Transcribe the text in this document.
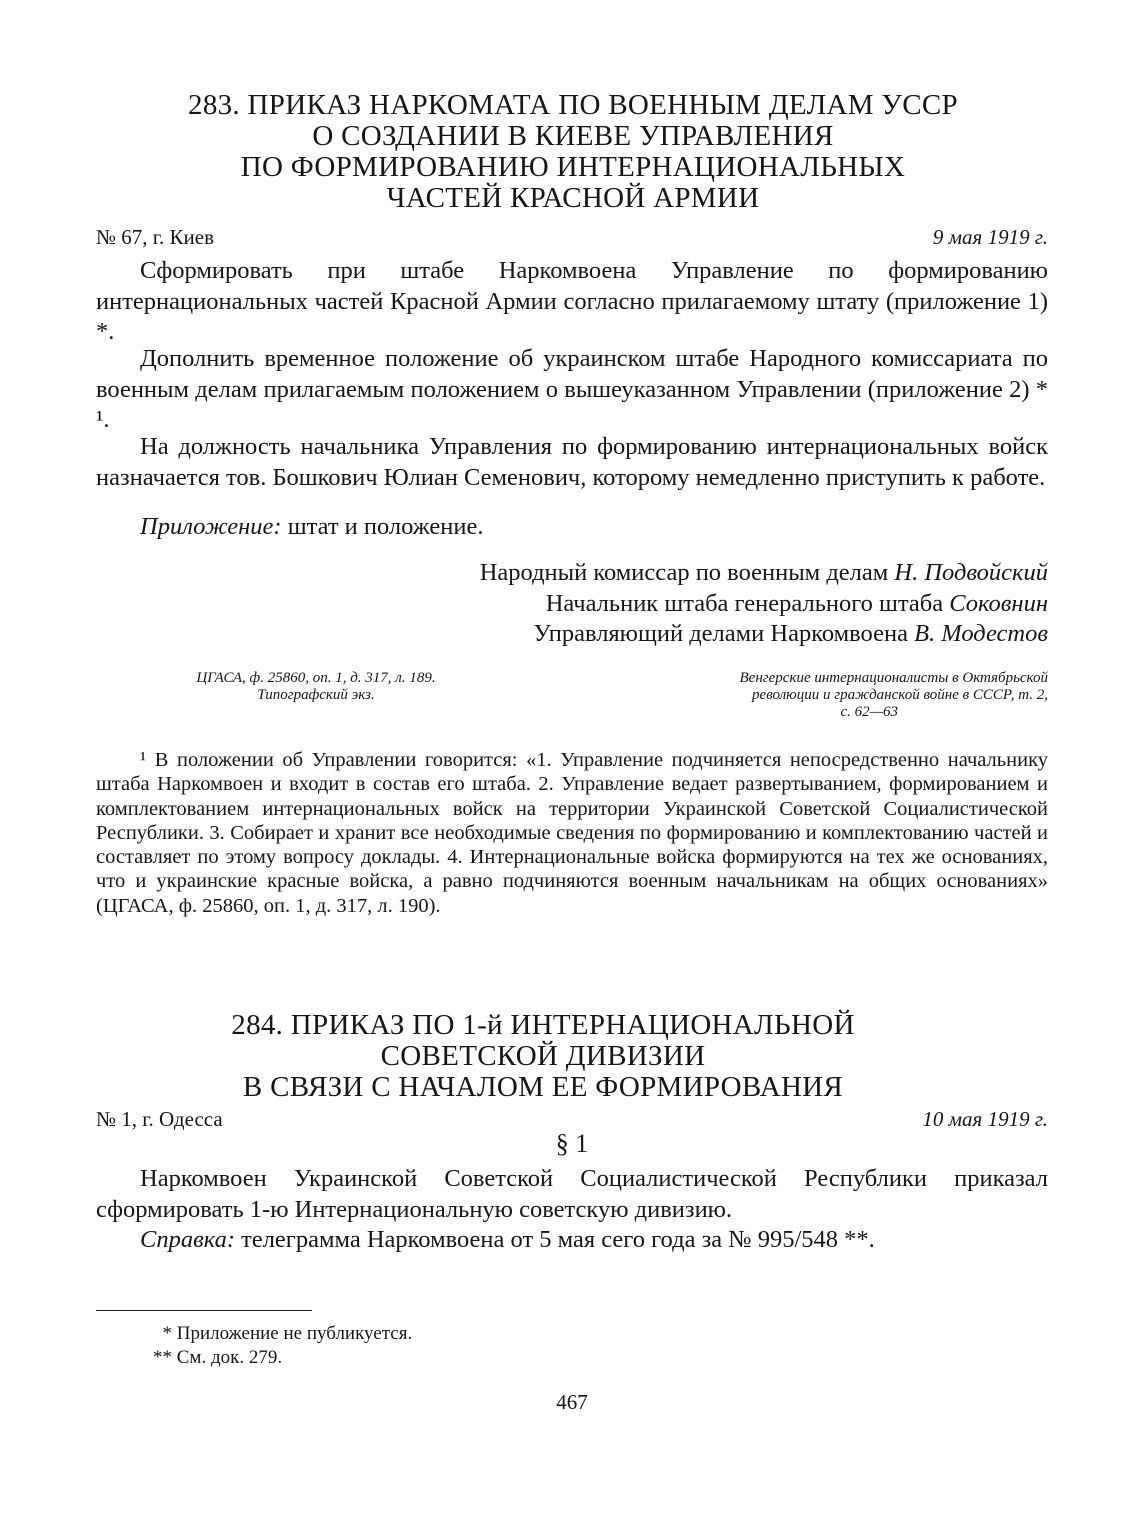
283. ПРИКАЗ НАРКОМАТА ПО ВОЕННЫМ ДЕЛАМ УССР
О СОЗДАНИИ В КИЕВЕ УПРАВЛЕНИЯ
ПО ФОРМИРОВАНИЮ ИНТЕРНАЦИОНАЛЬНЫХ
ЧАСТЕЙ КРАСНОЙ АРМИИ
№ 67, г. Киев	9 мая 1919 г.
Сформировать при штабе Наркомвоена Управление по формированию интернациональных частей Красной Армии согласно прилагаемому штату (приложение 1) *.
Дополнить временное положение об украинском штабе Народного комиссариата по военным делам прилагаемым положением о вышеуказанном Управлении (приложение 2) * ¹.
На должность начальника Управления по формированию интернациональных войск назначается тов. Бошкович Юлиан Семенович, которому немедленно приступить к работе.
Приложение: штат и положение.
Народный комиссар по военным делам Н. Подвойский
Начальник штаба генерального штаба Соковнин
Управляющий делами Наркомвоена В. Модестов
ЦГАСА, ф. 25860, оп. 1, д. 317, л. 189.
Типографский экз.
Венгерские интернационалисты в Октябрьской
революции и гражданской войне в СССР, т. 2,
с. 62—63
¹ В положении об Управлении говорится: «1. Управление подчиняется непосредственно начальнику штаба Наркомвоен и входит в состав его штаба. 2. Управление ведает развертыванием, формированием и комплектованием интернациональных войск на территории Украинской Советской Социалистической Республики. 3. Собирает и хранит все необходимые сведения по формированию и комплектованию частей и составляет по этому вопросу доклады. 4. Интернациональные войска формируются на тех же основаниях, что и украинские красные войска, а равно подчиняются военным начальникам на общих основаниях» (ЦГАСА, ф. 25860, оп. 1, д. 317, л. 190).
284. ПРИКАЗ ПО 1-й ИНТЕРНАЦИОНАЛЬНОЙ
СОВЕТСКОЙ ДИВИЗИИ
В СВЯЗИ С НАЧАЛОМ ЕЕ ФОРМИРОВАНИЯ
№ 1, г. Одесса	10 мая 1919 г.
§ 1
Наркомвоен Украинской Советской Социалистической Республики приказал сформировать 1-ю Интернациональную советскую дивизию.
Справка: телеграмма Наркомвоена от 5 мая сего года за № 995/548 **.
* Приложение не публикуется.
** См. док. 279.
467
